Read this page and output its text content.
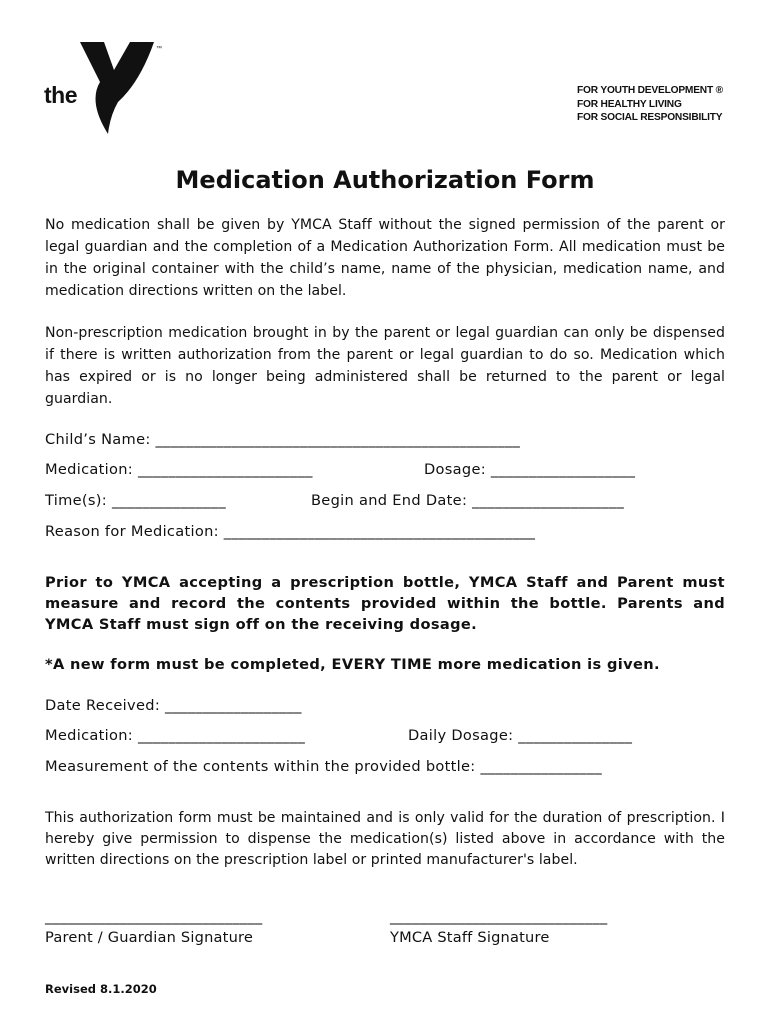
the	YMCA
™
FOR YOUTH DEVELOPMENT ®
FOR HEALTHY LIVING
FOR SOCIAL RESPONSIBILITY
Medication Authorization Form

No medication shall be given by YMCA Staff without the signed permission of the parent or legal guardian and the completion of a Medication Authorization Form. All medication must be in the original container with the child’s name, name of the physician, medication name, and medication directions written on the label.

Non-prescription medication brought in by the parent or legal guardian can only be dispensed if there is written authorization from the parent or legal guardian to do so. Medication which has expired or is no longer being administered shall be returned to the parent or legal guardian.

Child’s Name: ________________________________________________
Medication: _______________________	Dosage: ___________________
Time(s): _______________	Begin and End Date: ____________________
Reason for Medication: _________________________________________

Prior to YMCA accepting a prescription bottle, YMCA Staff and Parent must measure and record the contents provided within the bottle. Parents and YMCA Staff must sign off on the receiving dosage.

*A new form must be completed, EVERY TIME more medication is given.
Date Received: __________________
Medication: ______________________	Daily Dosage: _______________
Measurement of the contents within the provided bottle: ________________

This authorization form must be maintained and is only valid for the duration of prescription. I hereby give permission to dispense the medication(s) listed above in accordance with the written directions on the prescription label or printed manufacturer's label.

_____________________________
Parent / Guardian Signature
_____________________________
YMCA Staff Signature
Revised 8.1.2020
